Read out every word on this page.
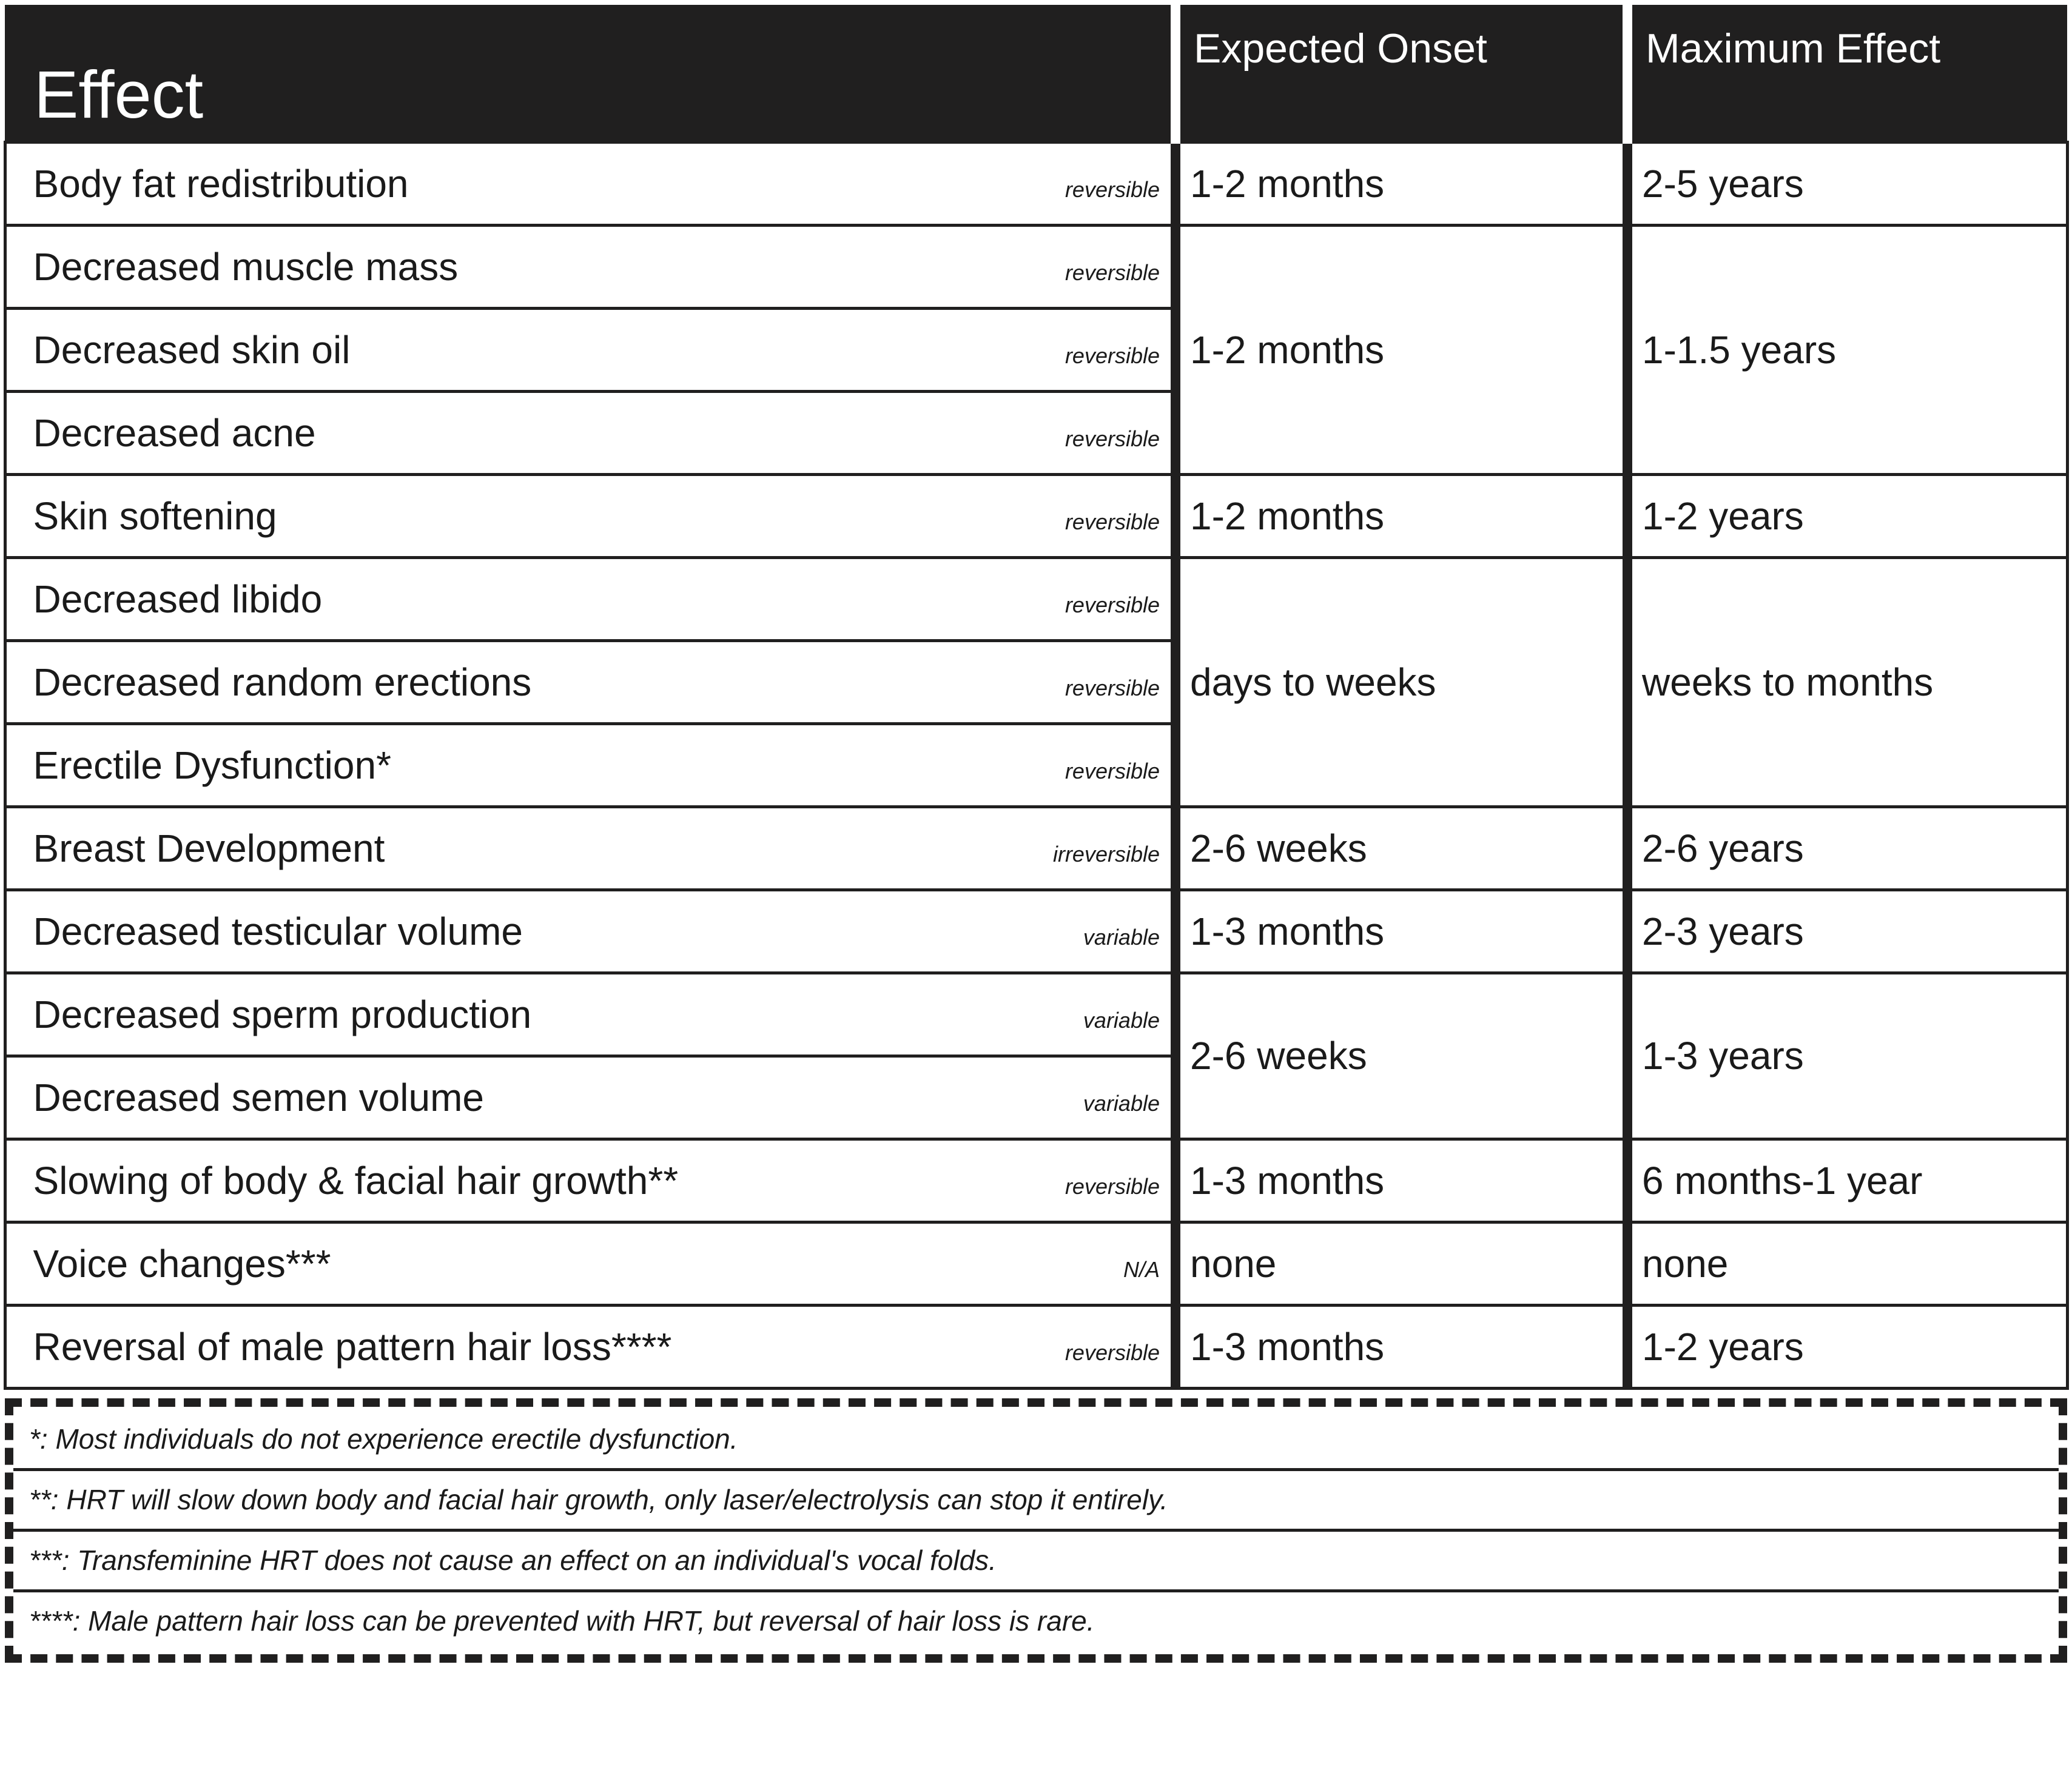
Effect	Expected Onset	Maximum Effect

Body fat redistribution reversible	1-2 months	2-5 years

Decreased muscle mass reversible	1-2 months	1-1.5 years

Decreased skin oil reversible		

Decreased acne reversible		

Skin softening reversible	1-2 months	1-2 years

Decreased libido reversible	days to weeks	weeks to months

Decreased random erections reversible		

Erectile Dysfunction* reversible		

Breast Development irreversible	2-6 weeks	2-6 years

Decreased testicular volume variable	1-3 months	2-3 years

Decreased sperm production variable	2-6 weeks	1-3 years

Decreased semen volume variable		

Slowing of body & facial hair growth** reversible	1-3 months	6 months-1 year

Voice changes*** N/A	none	none

Reversal of male pattern hair loss**** reversible	1-3 months	1-2 years
*: Most individuals do not experience erectile dysfunction.
**: HRT will slow down body and facial hair growth, only laser/electrolysis can stop it entirely.
***: Transfeminine HRT does not cause an effect on an individual's vocal folds.
****: Male pattern hair loss can be prevented with HRT, but reversal of hair loss is rare.
